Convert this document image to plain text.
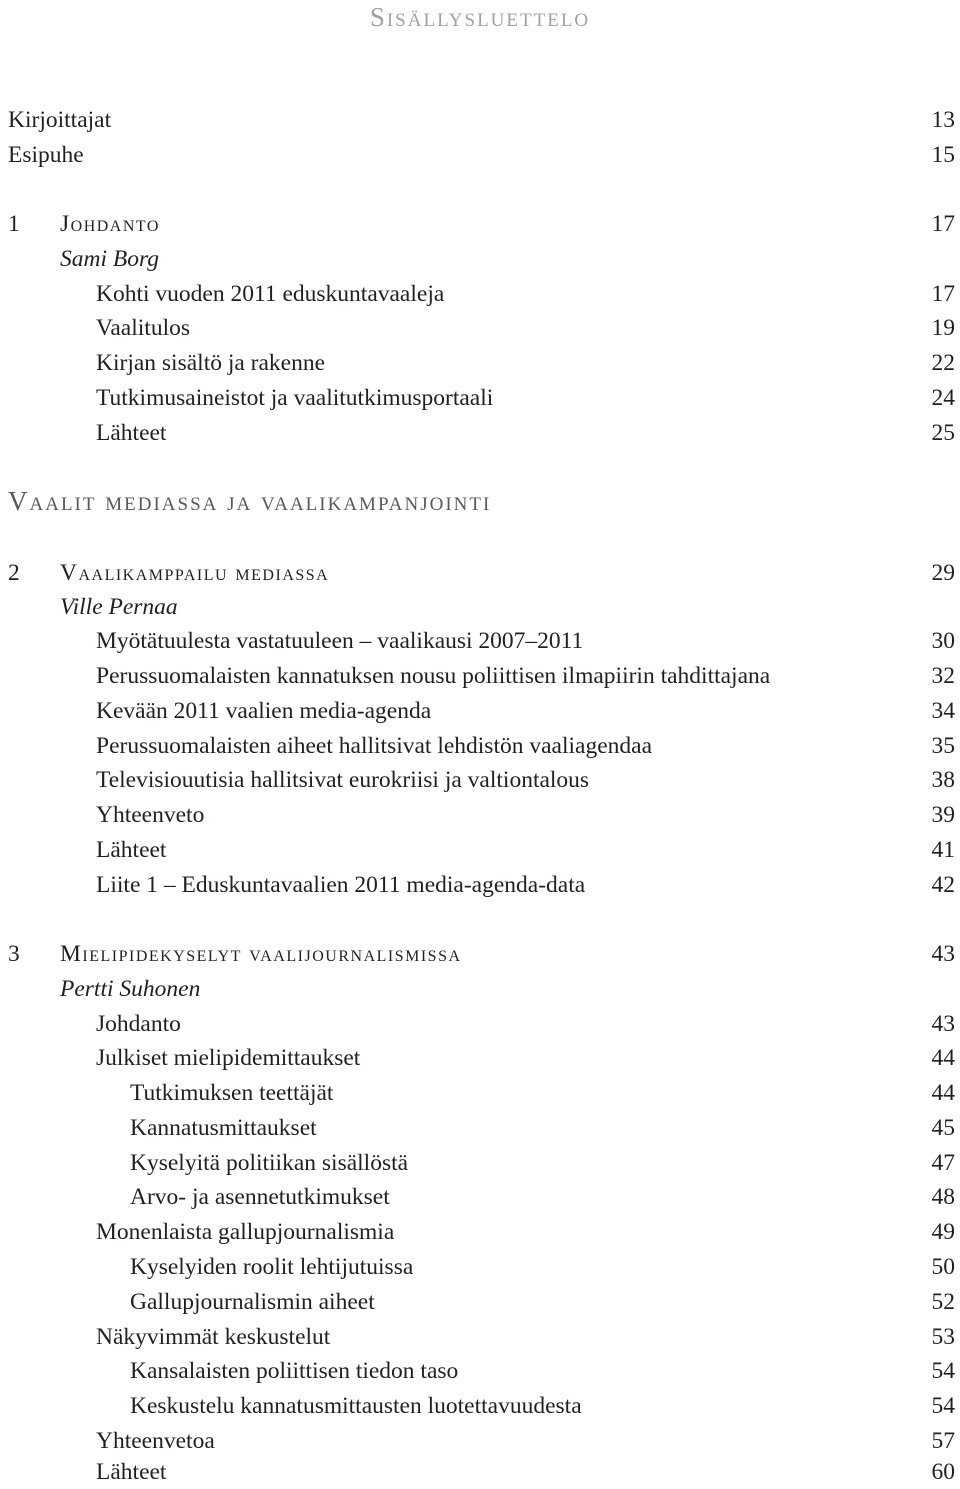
Sisällysluettelo
Kirjoittajat	13
Esipuhe	15
1 Johdanto	17
Sami Borg
Kohti vuoden 2011 eduskuntavaaleja	17
Vaalitulos	19
Kirjan sisältö ja rakenne	22
Tutkimusaineistot ja vaalitutkimusportaali	24
Lähteet	25
Vaalit mediassa ja vaalikampanjointi
2 Vaalikamppailu mediassa	29
Ville Pernaa
Myötätuulesta vastatuuleen – vaalikausi 2007–2011	30
Perussuomalaisten kannatuksen nousu poliittisen ilmapiirin tahdittajana	32
Kevään 2011 vaalien media-agenda	34
Perussuomalaisten aiheet hallitsivat lehdistön vaaliagendaa	35
Televisiouutisia hallitsivat eurokriisi ja valtiontalous	38
Yhteenveto	39
Lähteet	41
Liite 1 – Eduskuntavaalien 2011 media-agenda-data	42
3 Mielipidekyselyt vaalijournalismissa	43
Pertti Suhonen
Johdanto	43
Julkiset mielipidemittaukset	44
Tutkimuksen teettäjät	44
Kannatusmittaukset	45
Kyselyitä politiikan sisällöstä	47
Arvo- ja asennetutkimukset	48
Monenlaista gallupjournalismia	49
Kyselyiden roolit lehtijutuissa	50
Gallupjournalismin aiheet	52
Näkyvimmät keskustelut	53
Kansalaisten poliittisen tiedon taso	54
Keskustelu kannatusmittausten luotettavuudesta	54
Yhteenvetoa	57
Lähteet	60
